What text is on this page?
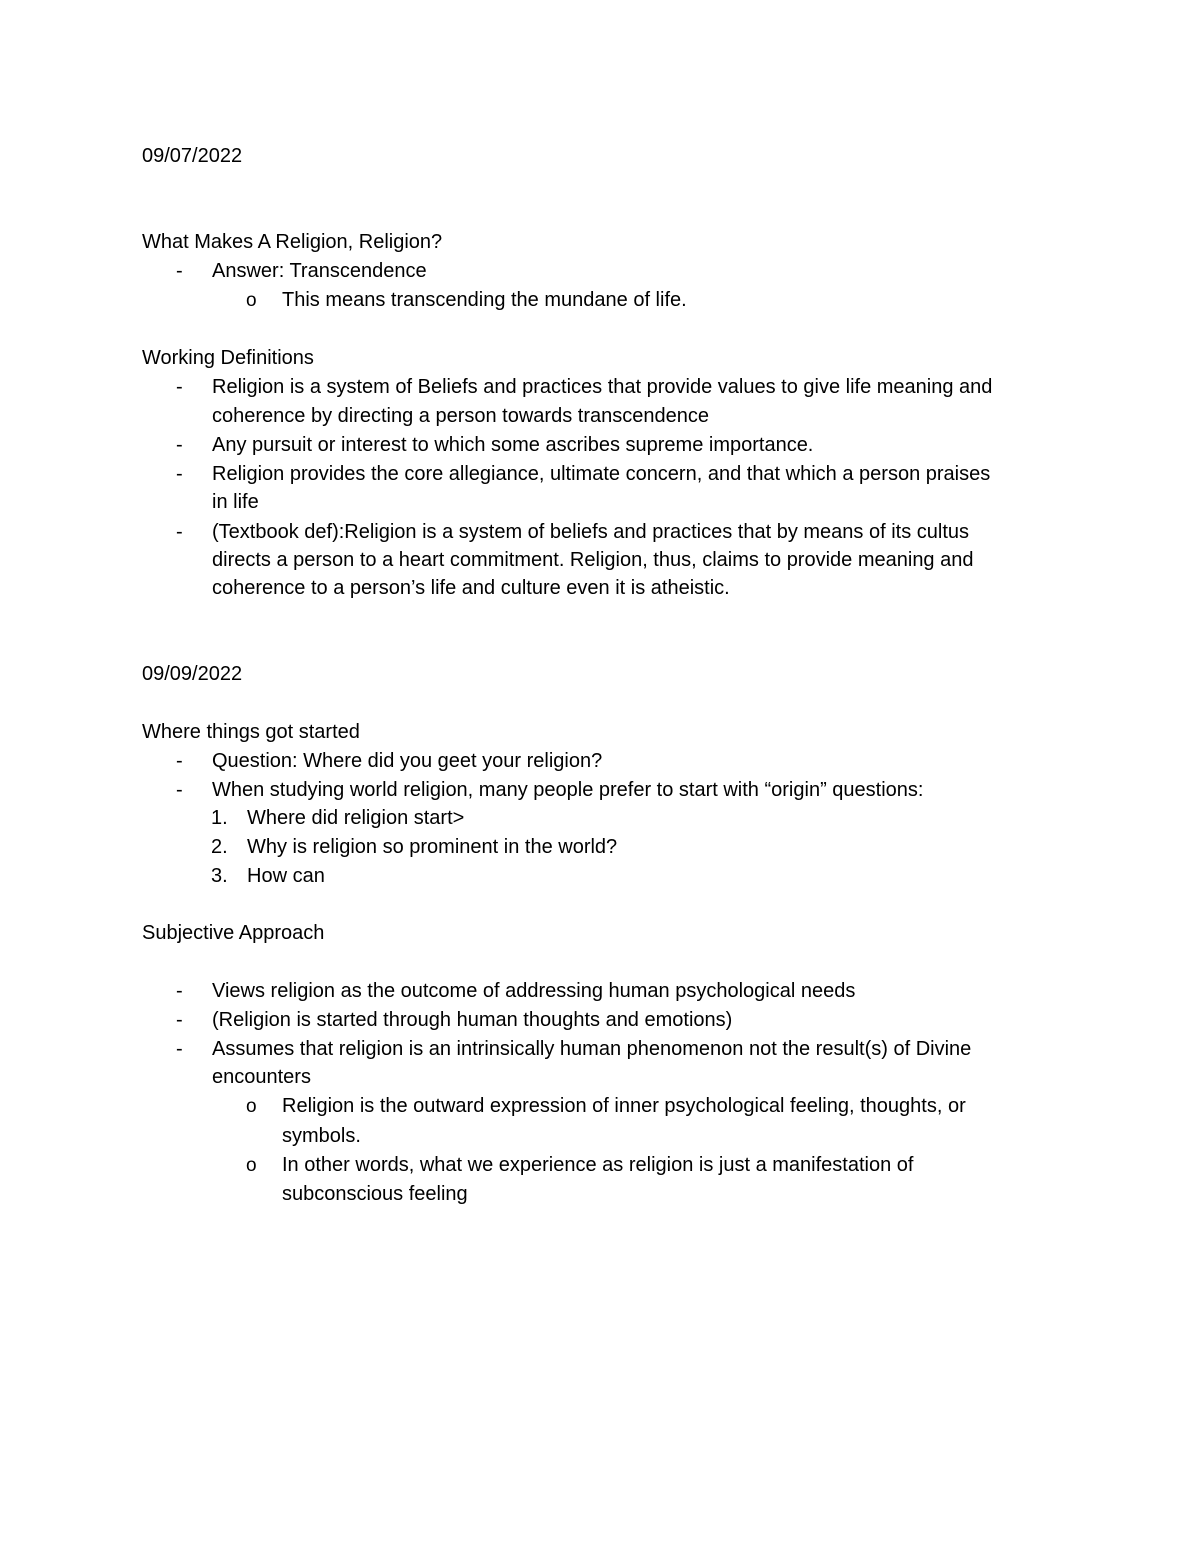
09/07/2022
What Makes A Religion, Religion?
- Answer: Transcendence
o This means transcending the mundane of life.
Working Definitions
- Religion is a system of Beliefs and practices that provide values to give life meaning and
coherence by directing a person towards transcendence
- Any pursuit or interest to which some ascribes supreme importance.
- Religion provides the core allegiance, ultimate concern, and that which a person praises
in life
- (Textbook def):Religion is a system of beliefs and practices that by means of its cultus
directs a person to a heart commitment. Religion, thus, claims to provide meaning and
coherence to a person’s life and culture even it is atheistic.
09/09/2022
Where things got started
- Question: Where did you geet your religion?
- When studying world religion, many people prefer to start with “origin” questions:
1. Where did religion start>
2. Why is religion so prominent in the world?
3. How can
Subjective Approach
- Views religion as the outcome of addressing human psychological needs
- (Religion is started through human thoughts and emotions)
- Assumes that religion is an intrinsically human phenomenon not the result(s) of Divine
encounters
o Religion is the outward expression of inner psychological feeling, thoughts, or
symbols.
o In other words, what we experience as religion is just a manifestation of
subconscious feeling
